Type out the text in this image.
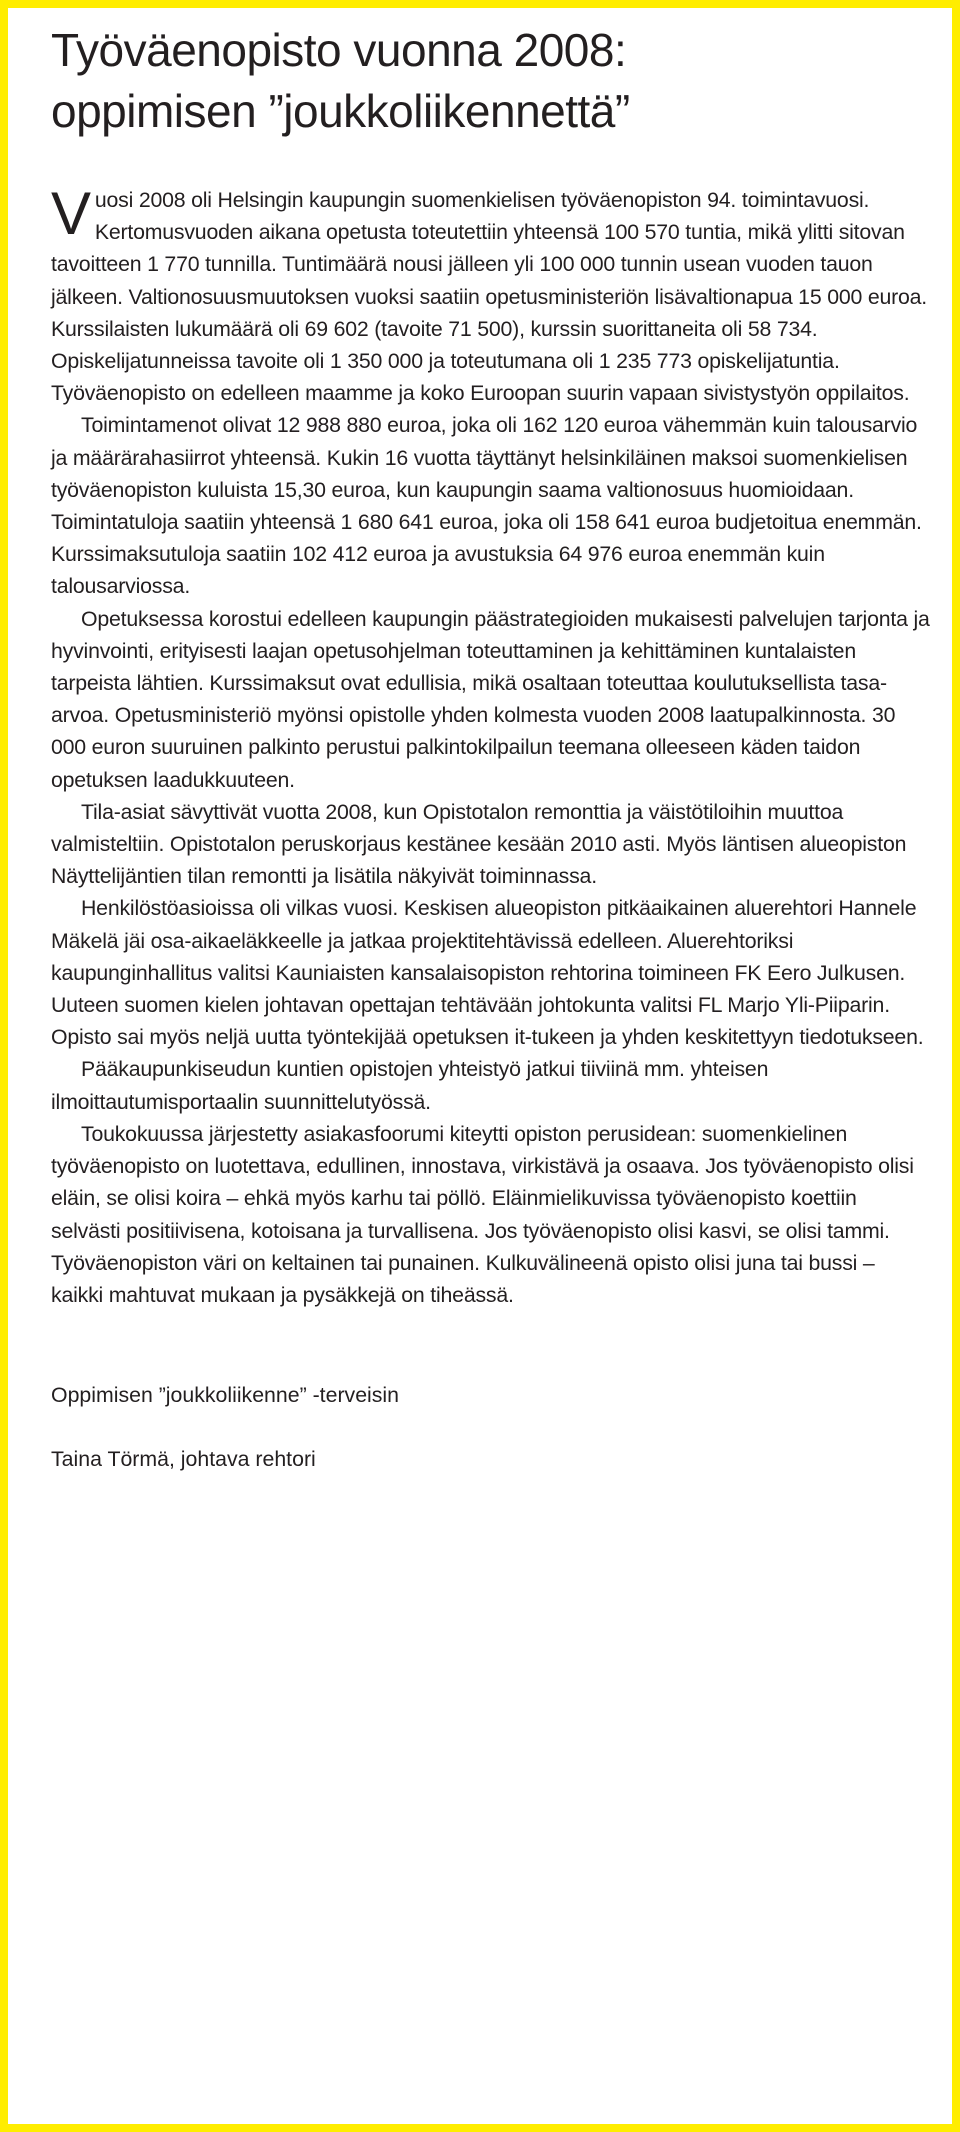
Työväenopisto vuonna 2008:
oppimisen ”joukkoliikennettä”

Vuosi 2008 oli Helsingin kaupungin suomenkielisen työväenopiston 94. toimintavuosi. Kertomusvuoden aikana opetusta toteutettiin yhteensä 100 570 tuntia, mikä ylitti sitovan tavoitteen 1 770 tunnilla. Tuntimäärä nousi jälleen yli 100 000 tunnin usean vuoden tauon jälkeen. Valtionosuusmuutoksen vuoksi saatiin opetusministeriön lisävaltionapua 15 000 euroa. Kurssilaisten lukumäärä oli 69 602 (tavoite 71 500), kurssin suorittaneita oli 58 734. Opiskelijatunneissa tavoite oli 1 350 000 ja toteutumana oli 1 235 773 opiskelijatuntia. Työväenopisto on edelleen maamme ja koko Euroopan suurin vapaan sivistystyön oppilaitos.

Toimintamenot olivat 12 988 880 euroa, joka oli 162 120 euroa vähemmän kuin talousarvio ja määrärahasiirrot yhteensä. Kukin 16 vuotta täyttänyt helsinkiläinen maksoi suomenkielisen työväenopiston kuluista 15,30 euroa, kun kaupungin saama valtionosuus huomioidaan. Toimintatuloja saatiin yhteensä 1 680 641 euroa, joka oli 158 641 euroa budjetoitua enemmän. Kurssimaksutuloja saatiin 102 412 euroa ja avustuksia 64 976 euroa enemmän kuin talousarviossa.

Opetuksessa korostui edelleen kaupungin päästrategioiden mukaisesti palvelujen tarjonta ja hyvinvointi, erityisesti laajan opetusohjelman toteuttaminen ja kehittäminen kuntalaisten tarpeista lähtien. Kurssimaksut ovat edullisia, mikä osaltaan toteuttaa koulutuksellista tasa-arvoa. Opetusministeriö myönsi opistolle yhden kolmesta vuoden 2008 laatupalkinnosta. 30 000 euron suuruinen palkinto perustui palkintokilpailun teemana olleeseen käden taidon opetuksen laadukkuuteen.

Tila-asiat sävyttivät vuotta 2008, kun Opistotalon remonttia ja väistötiloihin muuttoa valmisteltiin. Opistotalon peruskorjaus kestänee kesään 2010 asti. Myös läntisen alueopiston Näyttelijäntien tilan remontti ja lisätila näkyivät toiminnassa.

Henkilöstöasioissa oli vilkas vuosi. Keskisen alueopiston pitkäaikainen aluerehtori Hannele Mäkelä jäi osa-aikaeläkkeelle ja jatkaa projektitehtävissä edelleen. Aluerehtoriksi kaupunginhallitus valitsi Kauniaisten kansalaisopiston rehtorina toimineen FK Eero Julkusen. Uuteen suomen kielen johtavan opettajan tehtävään johtokunta valitsi FL Marjo Yli-Piiparin. Opisto sai myös neljä uutta työntekijää opetuksen it-tukeen ja yhden keskitettyyn tiedotukseen.

Pääkaupunkiseudun kuntien opistojen yhteistyö jatkui tiiviinä mm. yhteisen ilmoittautumisportaalin suunnittelutyössä.

Toukokuussa järjestetty asiakasfoorumi kiteytti opiston perusidean: suomenkielinen työväenopisto on luotettava, edullinen, innostava, virkistävä ja osaava. Jos työväenopisto olisi eläin, se olisi koira – ehkä myös karhu tai pöllö. Eläinmielikuvissa työväenopisto koettiin selvästi positiivisena, kotoisana ja turvallisena. Jos työväenopisto olisi kasvi, se olisi tammi. Työväenopiston väri on keltainen tai punainen. Kulkuvälineenä opisto olisi juna tai bussi – kaikki mahtuvat mukaan ja pysäkkejä on tiheässä.

Oppimisen ”joukkoliikenne” -terveisin

Taina Törmä, johtava rehtori
